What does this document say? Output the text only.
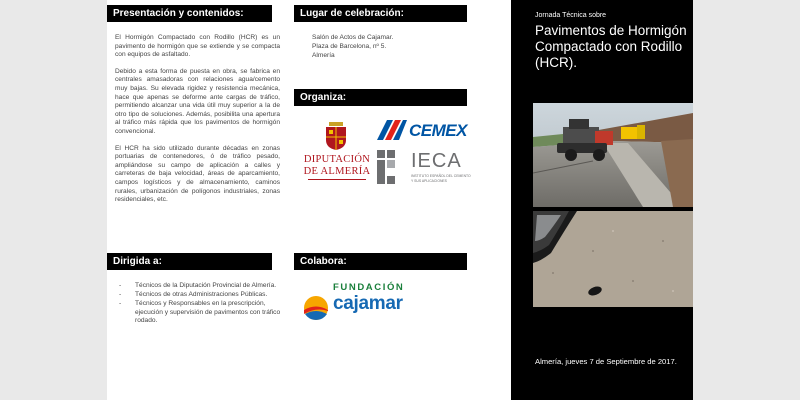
Presentación y contenidos:	Lugar de celebración:
Organiza:
Dirigida a:	Colabora:

El Hormigón Compactado con Rodillo (HCR) es un pavimento de hormigón que se extiende y se compacta con equipos de asfaltado.

Debido a esta forma de puesta en obra, se fabrica en centrales amasadoras con relaciones agua/cemento muy bajas. Su elevada rigidez y resistencia mecánica, hace que apenas se deforme ante cargas de tráfico, permitiendo alcanzar una vida útil muy superior a la de otro tipo de soluciones. Además, posibilita una apertura al tráfico más rápida que los pavimentos de hormigón convencional.

El HCR ha sido utilizado durante décadas en zonas portuarias de contenedores, ó de tráfico pesado, ampliándose su campo de aplicación a calles y carreteras de baja velocidad, áreas de aparcamiento, campos logísticos y de almacenamiento, caminos rurales, urbanización de polígonos industriales, zonas residenciales, etc.

Salón de Actos de Cajamar.
Plaza de Barcelona, nº 5.
Almería
DIPUTACIÓN
DE ALMERÍA
CEMEX
IECA
INSTITUTO ESPAÑOL DEL CEMENTO
Y SUS APLICACIONES
- Técnicos de la Diputación Provincial de Almería.
- Técnicos de otras Administraciones Públicas.
- Técnicos y Responsables en la prescripción, ejecución y supervisión de pavimentos con tráfico rodado.
FUNDACIÓN
cajamar
Jornada Técnica sobre
Pavimentos de Hormigón Compactado con Rodillo (HCR).
Almería, jueves 7 de Septiembre de 2017.
